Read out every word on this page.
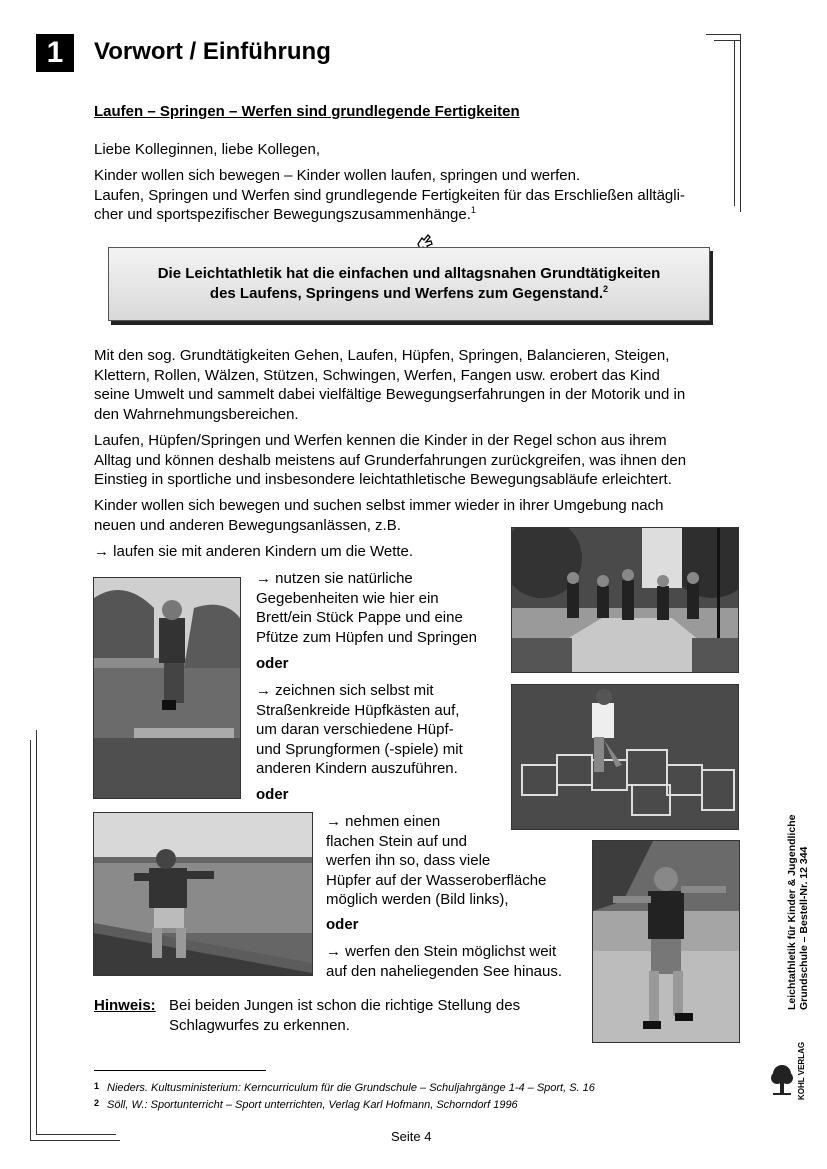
1	Vorwort / Einführung
Laufen – Springen – Werfen sind grundlegende Fertigkeiten
Liebe Kolleginnen, liebe Kollegen,
Kinder wollen sich bewegen – Kinder wollen laufen, springen und werfen.
Laufen, Springen und Werfen sind grundlegende Fertigkeiten für das Erschließen alltägli-
cher und sportspezifischer Bewegungszusammenhänge.$^1$
Die Leichtathletik hat die einfachen und alltagsnahen Grundtätigkeiten
des Laufens, Springens und Werfens zum Gegenstand.$^2$
Mit den sog. Grundtätigkeiten Gehen, Laufen, Hüpfen, Springen, Balancieren, Steigen,
Klettern, Rollen, Wälzen, Stützen, Schwingen, Werfen, Fangen usw. erobert das Kind
seine Umwelt und sammelt dabei vielfältige Bewegungserfahrungen in der Motorik und in
den Wahrnehmungsbereichen.
Laufen, Hüpfen/Springen und Werfen kennen die Kinder in der Regel schon aus ihrem
Alltag und können deshalb meistens auf Grunderfahrungen zurückgreifen, was ihnen den
Einstieg in sportliche und insbesondere leichtathletische Bewegungsabläufe erleichtert.
Kinder wollen sich bewegen und suchen selbst immer wieder in ihrer Umgebung nach
neuen und anderen Bewegungsanlässen, z.B.
→ laufen sie mit anderen Kindern um die Wette.
→ nutzen sie natürliche
Gegebenheiten wie hier ein
Brett/ein Stück Pappe und eine
Pfütze zum Hüpfen und Springen
oder
→ zeichnen sich selbst mit
Straßenkreide Hüpfkästen auf,
um daran verschiedene Hüpf-
und Sprungformen (-spiele) mit
anderen Kindern auszuführen.
oder
→ nehmen einen
flachen Stein auf und
werfen ihn so, dass viele
Hüpfer auf der Wasseroberfläche
möglich werden (Bild links),
oder
→ werfen den Stein möglichst weit
auf den naheliegenden See hinaus.
Hinweis: Bei beiden Jungen ist schon die richtige Stellung des
Schlagwurfes zu erkennen.
1 Nieders. Kultusministerium: Kerncurriculum für die Grundschule – Schuljahrgänge 1-4 – Sport, S. 16
2 Söll, W.: Sportunterricht – Sport unterrichten, Verlag Karl Hofmann, Schorndorf 1996
Seite 4
Leichtathletik für Kinder & Jugendliche Grundschule – Bestell-Nr. 12 344
KOHL VERLAG
